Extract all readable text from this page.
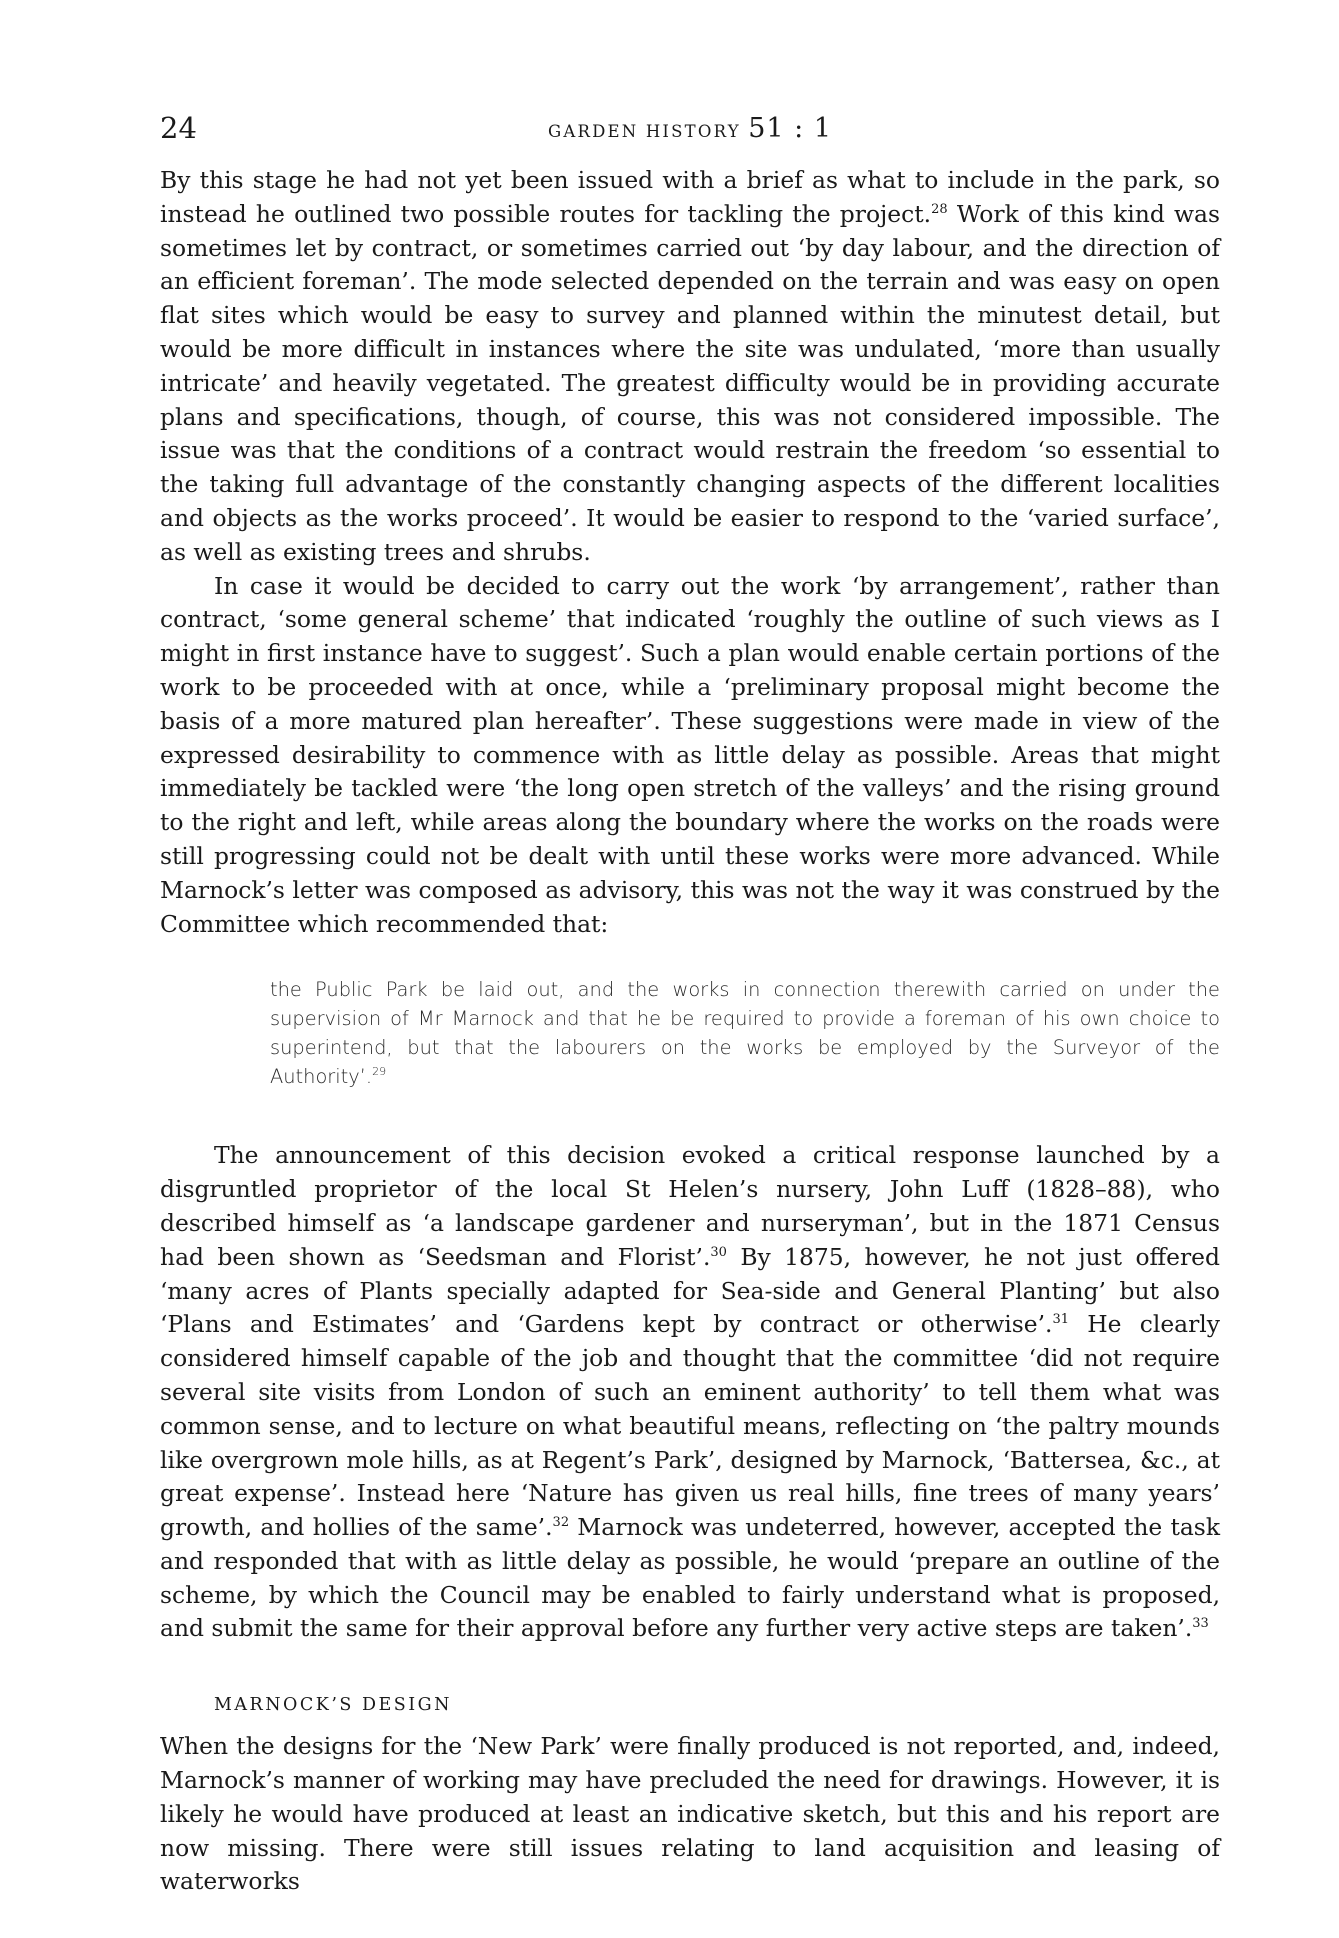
24	GARDEN HISTORY 51 : 1

By this stage he had not yet been issued with a brief as what to include in the park, so instead he outlined two possible routes for tackling the project.$^{28}$ Work of this kind was sometimes let by contract, or sometimes carried out ‘by day labour, and the direction of an efficient foreman’. The mode selected depended on the terrain and was easy on open flat sites which would be easy to survey and planned within the minutest detail, but would be more difficult in instances where the site was undulated, ‘more than usually intricate’ and heavily vegetated. The greatest difficulty would be in providing accurate plans and specifications, though, of course, this was not considered impossible. The issue was that the conditions of a contract would restrain the freedom ‘so essential to the taking full advantage of the constantly changing aspects of the different localities and objects as the works proceed’. It would be easier to respond to the ‘varied surface’, as well as existing trees and shrubs.

In case it would be decided to carry out the work ‘by arrangement’, rather than contract, ‘some general scheme’ that indicated ‘roughly the outline of such views as I might in first instance have to suggest’. Such a plan would enable certain portions of the work to be proceeded with at once, while a ‘preliminary proposal might become the basis of a more matured plan hereafter’. These suggestions were made in view of the expressed desirability to commence with as little delay as possible. Areas that might immediately be tackled were ‘the long open stretch of the valleys’ and the rising ground to the right and left, while areas along the boundary where the works on the roads were still progressing could not be dealt with until these works were more advanced. While Marnock’s letter was composed as advisory, this was not the way it was construed by the Committee which recommended that:

the Public Park be laid out, and the works in connection therewith carried on under the supervision of Mr Marnock and that he be required to provide a foreman of his own choice to superintend, but that the labourers on the works be employed by the Surveyor of the Authority’.$^{29}$

The announcement of this decision evoked a critical response launched by a disgruntled proprietor of the local St Helen’s nursery, John Luff (1828–88), who described himself as ‘a landscape gardener and nurseryman’, but in the 1871 Census had been shown as ‘Seedsman and Florist’.$^{30}$ By 1875, however, he not just offered ‘many acres of Plants specially adapted for Sea-side and General Planting’ but also ‘Plans and Estimates’ and ‘Gardens kept by contract or otherwise’.$^{31}$ He clearly considered himself capable of the job and thought that the committee ‘did not require several site visits from London of such an eminent authority’ to tell them what was common sense, and to lecture on what beautiful means, reflecting on ‘the paltry mounds like overgrown mole hills, as at Regent’s Park’, designed by Marnock, ‘Battersea, &c., at great expense’. Instead here ‘Nature has given us real hills, fine trees of many years’ growth, and hollies of the same’.$^{32}$ Marnock was undeterred, however, accepted the task and responded that with as little delay as possible, he would ‘prepare an outline of the scheme, by which the Council may be enabled to fairly understand what is proposed, and submit the same for their approval before any further very active steps are taken’.$^{33}$

MARNOCK’S DESIGN

When the designs for the ‘New Park’ were finally produced is not reported, and, indeed, Marnock’s manner of working may have precluded the need for drawings. However, it is likely he would have produced at least an indicative sketch, but this and his report are now missing. There were still issues relating to land acquisition and leasing of waterworks
